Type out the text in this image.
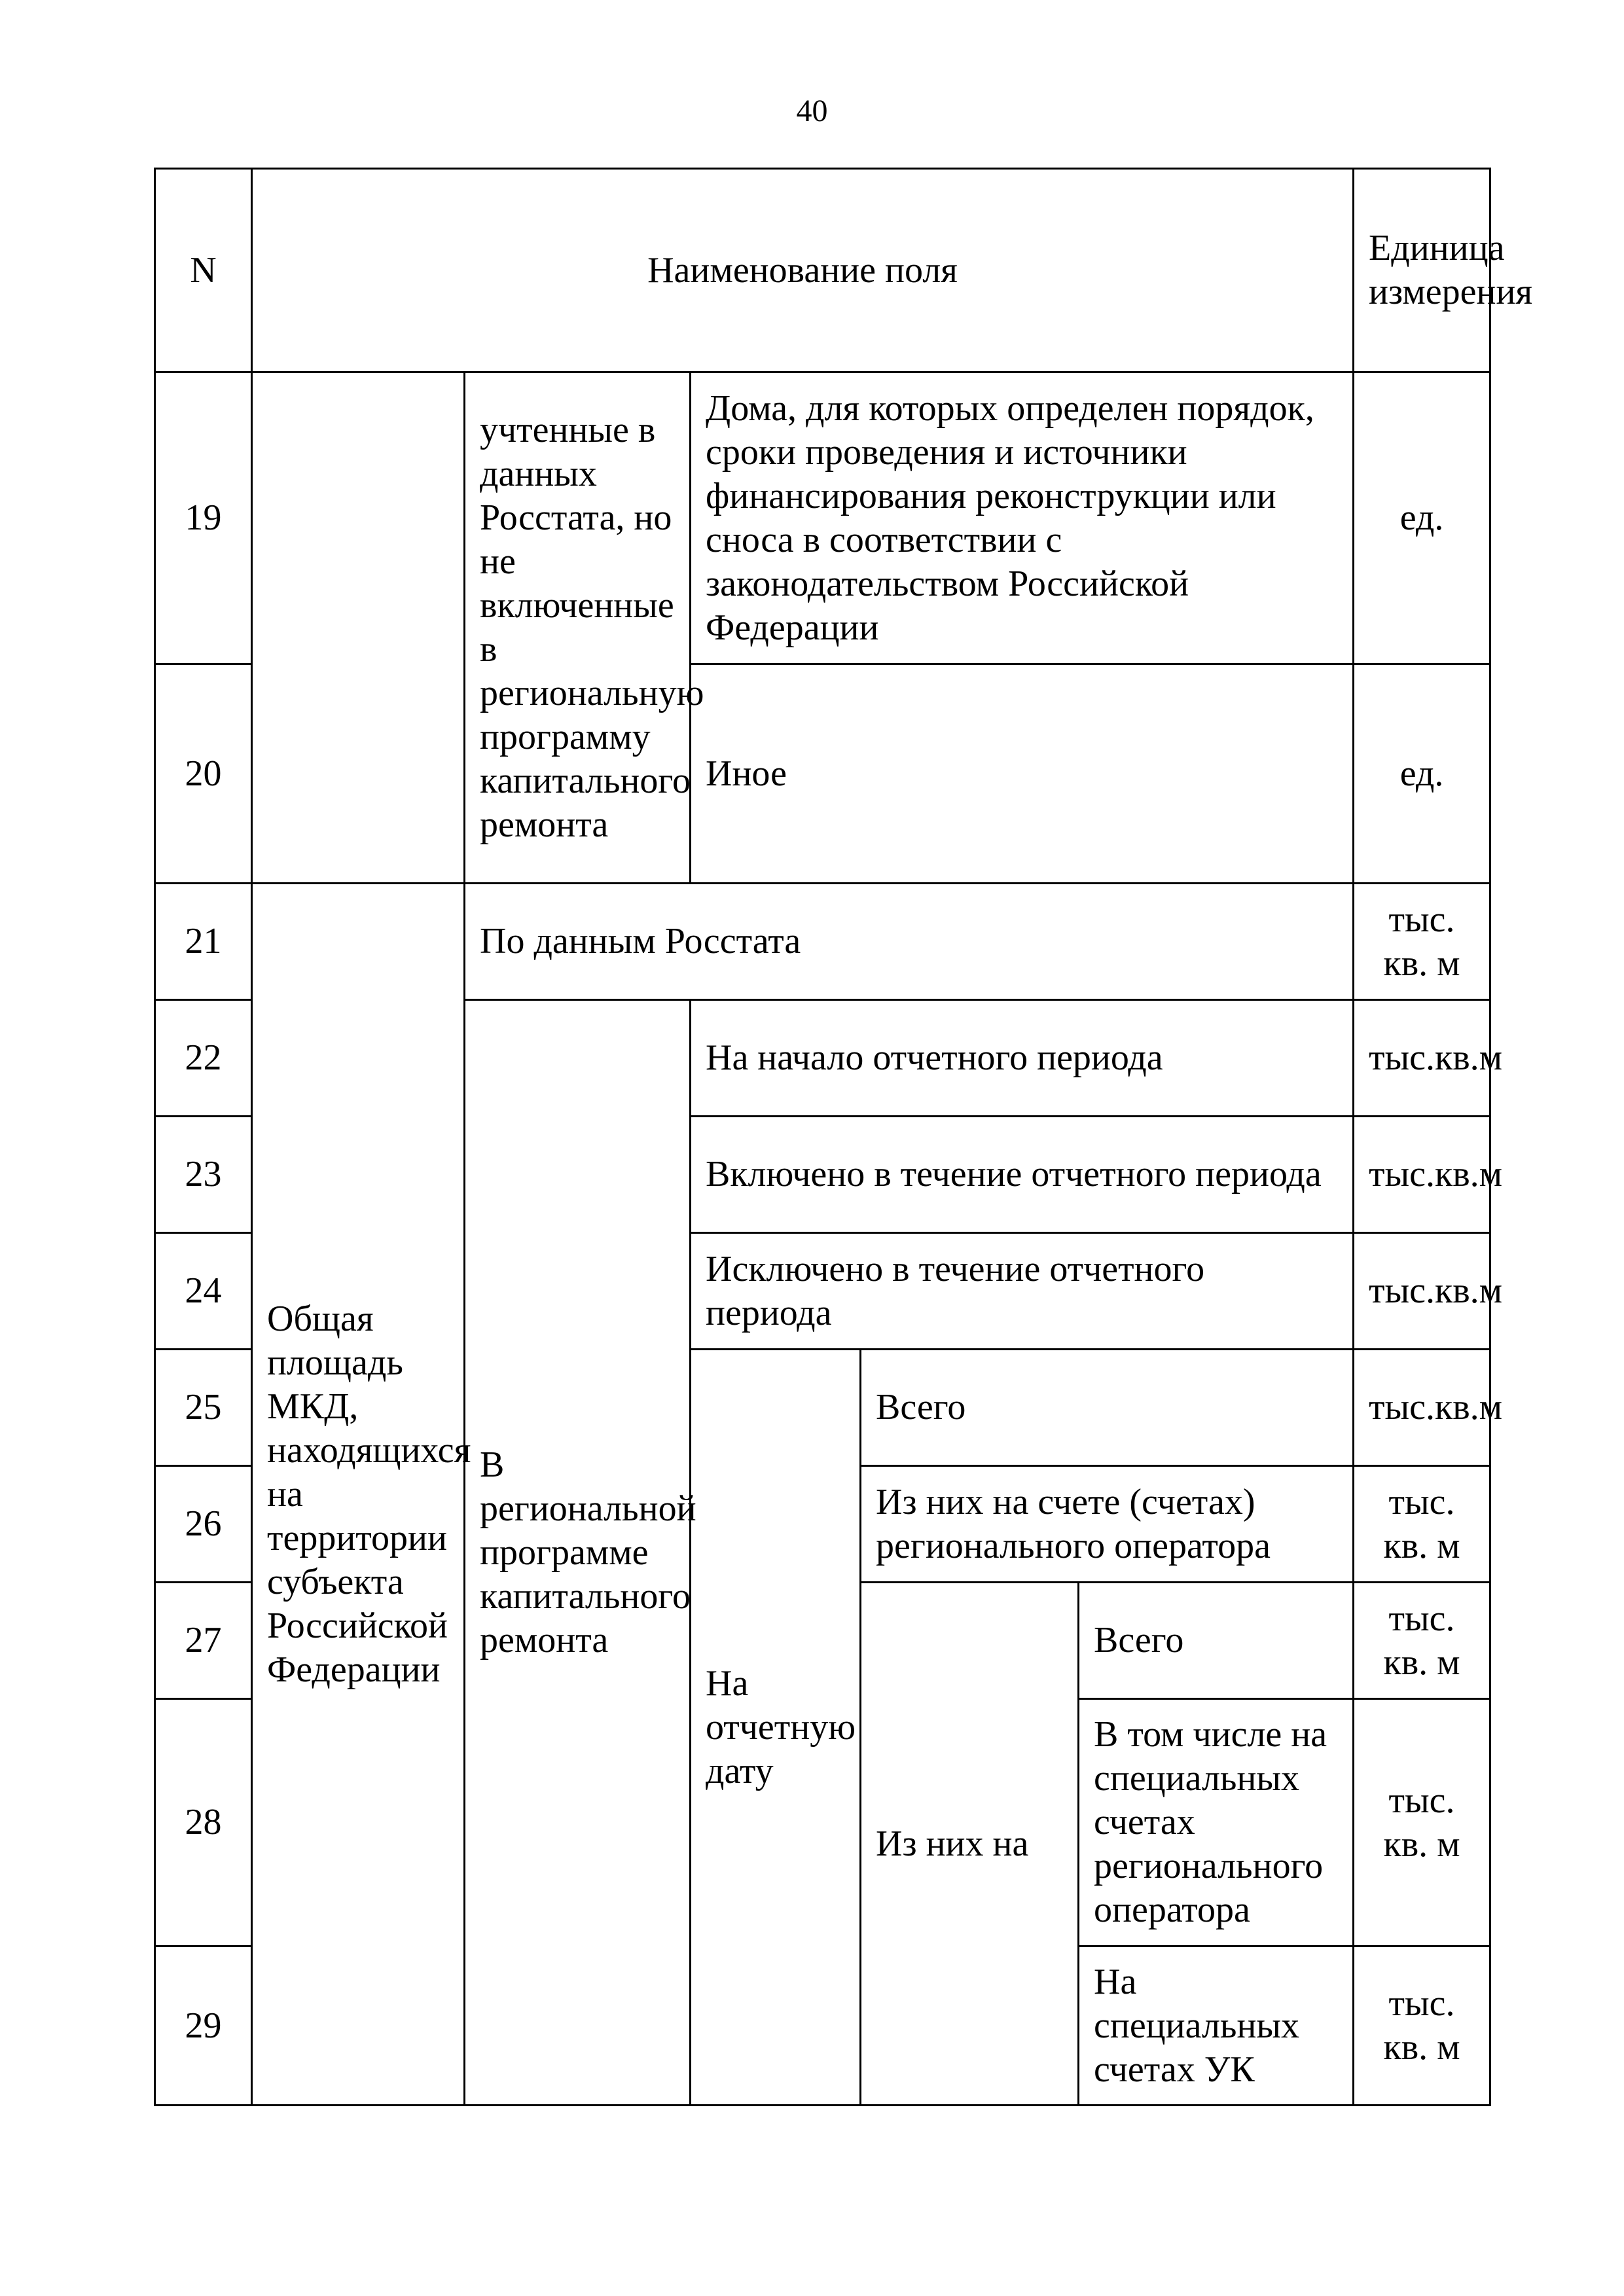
40
N	Наименование поля					Единица измерения
19		учтенные в данных Росстата, но не включенные в региональную программу капитального ремонта	Дома, для которых определен порядок, сроки проведения и источники финансирования реконструкции или сноса в соответствии с законодательством Российской Федерации			ед.
20			Иное			ед.
21	Общая площадь МКД, находящихся на территории субъекта Российской Федерации	По данным Росстата				тыс. кв. м
22		В региональной программе капитального ремонта	На начало отчетного периода			тыс.кв.м
23			Включено в течение отчетного периода			тыс.кв.м
24			Исключено в течение отчетного периода			тыс.кв.м
25			На отчетную дату	Всего		тыс.кв.м
26				Из них на счете (счетах) регионального оператора		тыс. кв. м
27				Из них на	Всего	тыс. кв. м
28					В том числе на специальных счетах регионального оператора	тыс. кв. м
29					На специальных счетах УК	тыс. кв. м
